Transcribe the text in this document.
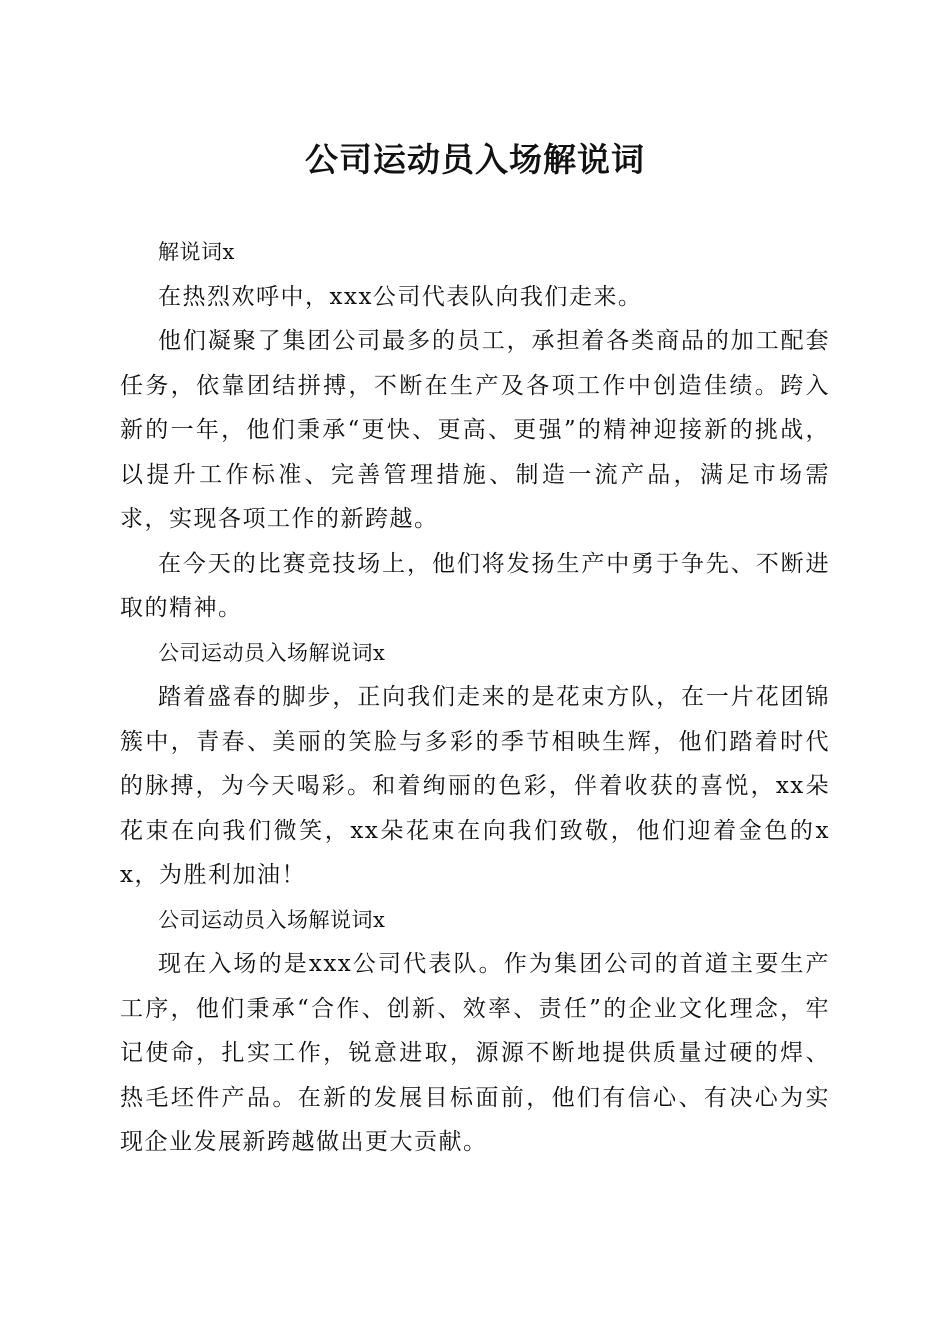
公司运动员入场解说词

解说词x

在热烈欢呼中，xxx公司代表队向我们走来。

他们凝聚了集团公司最多的员工，承担着各类商品的加工配套任务，依靠团结拼搏，不断在生产及各项工作中创造佳绩。跨入新的一年，他们秉承“更快、更高、更强”的精神迎接新的挑战，以提升工作标准、完善管理措施、制造一流产品，满足市场需求，实现各项工作的新跨越。

在今天的比赛竞技场上，他们将发扬生产中勇于争先、不断进取的精神。

公司运动员入场解说词x

踏着盛春的脚步，正向我们走来的是花束方队，在一片花团锦簇中，青春、美丽的笑脸与多彩的季节相映生辉，他们踏着时代的脉搏，为今天喝彩。和着绚丽的色彩，伴着收获的喜悦，xx朵花束在向我们微笑，xx朵花束在向我们致敬，他们迎着金色的xx，为胜利加油！

公司运动员入场解说词x

现在入场的是xxx公司代表队。作为集团公司的首道主要生产工序，他们秉承“合作、创新、效率、责任”的企业文化理念，牢记使命，扎实工作，锐意进取，源源不断地提供质量过硬的焊、热毛坯件产品。在新的发展目标面前，他们有信心、有决心为实现企业发展新跨越做出更大贡献。
